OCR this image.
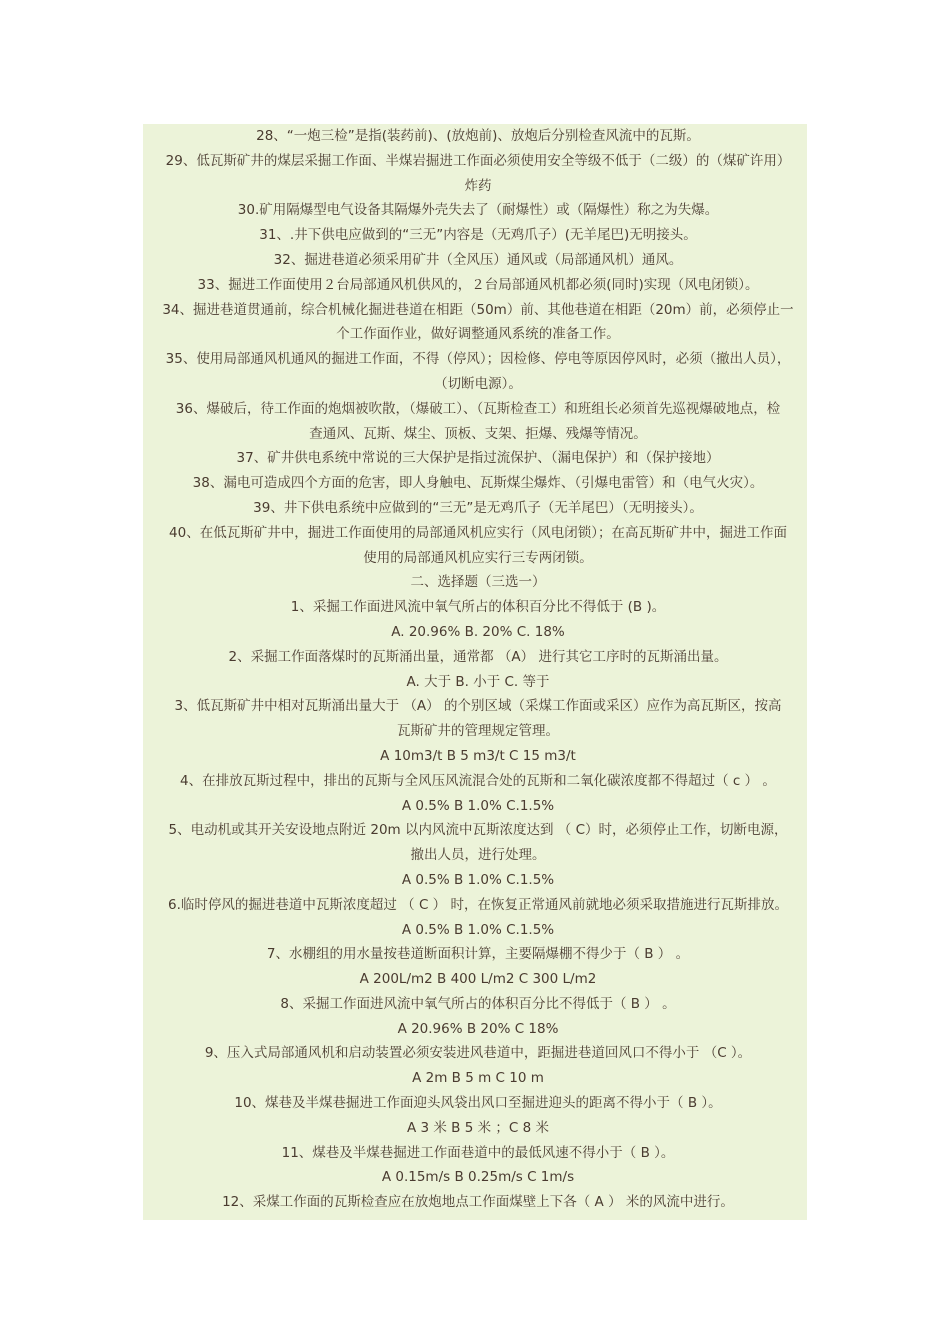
28、“一炮三检”是指(装药前)、(放炮前)、放炮后分别检查风流中的瓦斯。
29、低瓦斯矿井的煤层采掘工作面、半煤岩掘进工作面必须使用安全等级不低于（二级）的（煤矿许用）
炸药
30.矿用隔爆型电气设备其隔爆外壳失去了（耐爆性）或（隔爆性）称之为失爆。
31、.井下供电应做到的“三无”内容是（无鸡爪子）(无羊尾巴)无明接头。
32、掘进巷道必须采用矿井（全风压）通风或（局部通风机）通风。
33、掘进工作面使用２台局部通风机供风的，２台局部通风机都必须(同时)实现（风电闭锁）。
34、掘进巷道贯通前，综合机械化掘进巷道在相距（50m）前、其他巷道在相距（20m）前，必须停止一
个工作面作业，做好调整通风系统的准备工作。
35、使用局部通风机通风的掘进工作面，不得（停风）；因检修、停电等原因停风时，必须（撤出人员），
（切断电源）。
36、爆破后，待工作面的炮烟被吹散，（爆破工）、（瓦斯检查工）和班组长必须首先巡视爆破地点，检
查通风、瓦斯、煤尘、顶板、支架、拒爆、残爆等情况。
37、矿井供电系统中常说的三大保护是指过流保护、（漏电保护）和（保护接地）
38、漏电可造成四个方面的危害，即人身触电、瓦斯煤尘爆炸、（引爆电雷管）和（电气火灾）。
39、井下供电系统中应做到的“三无”是无鸡爪子（无羊尾巴）（无明接头）。
40、在低瓦斯矿井中，掘进工作面使用的局部通风机应实行（风电闭锁）；在高瓦斯矿井中，掘进工作面
使用的局部通风机应实行三专两闭锁。
二、选择题（三选一）
1、采掘工作面进风流中氧气所占的体积百分比不得低于 (B )。
A. 20.96% B. 20% C. 18%
2、采掘工作面落煤时的瓦斯涌出量，通常都 （A） 进行其它工序时的瓦斯涌出量。
A. 大于 B. 小于 C. 等于
3、低瓦斯矿井中相对瓦斯涌出量大于 （A） 的个别区域（采煤工作面或采区）应作为高瓦斯区，按高
瓦斯矿井的管理规定管理。
A 10m3/t B 5 m3/t C 15 m3/t
4、在排放瓦斯过程中，排出的瓦斯与全风压风流混合处的瓦斯和二氧化碳浓度都不得超过（ c ） 。
A 0.5% B 1.0% C.1.5%
5、电动机或其开关安设地点附近 20m 以内风流中瓦斯浓度达到 （ C）时，必须停止工作，切断电源，
撤出人员，进行处理。
A 0.5% B 1.0% C.1.5%
6.临时停风的掘进巷道中瓦斯浓度超过 （ C ） 时，在恢复正常通风前就地必须采取措施进行瓦斯排放。
A 0.5% B 1.0% C.1.5%
7、水棚组的用水量按巷道断面积计算，主要隔爆棚不得少于（ B ） 。
A 200L/m2 B 400 L/m2 C 300 L/m2
8、采掘工作面进风流中氧气所占的体积百分比不得低于（ B ） 。
A 20.96% B 20% C 18%
9、压入式局部通风机和启动装置必须安装进风巷道中，距掘进巷道回风口不得小于 （C ）。
A 2m B 5 m C 10 m
10、煤巷及半煤巷掘进工作面迎头风袋出风口至掘进迎头的距离不得小于（ B ）。
A 3 米 B 5 米 ；C 8 米
11、煤巷及半煤巷掘进工作面巷道中的最低风速不得小于（ B ）。
A 0.15m/s B 0.25m/s C 1m/s
12、采煤工作面的瓦斯检查应在放炮地点工作面煤壁上下各（ A ） 米的风流中进行。
